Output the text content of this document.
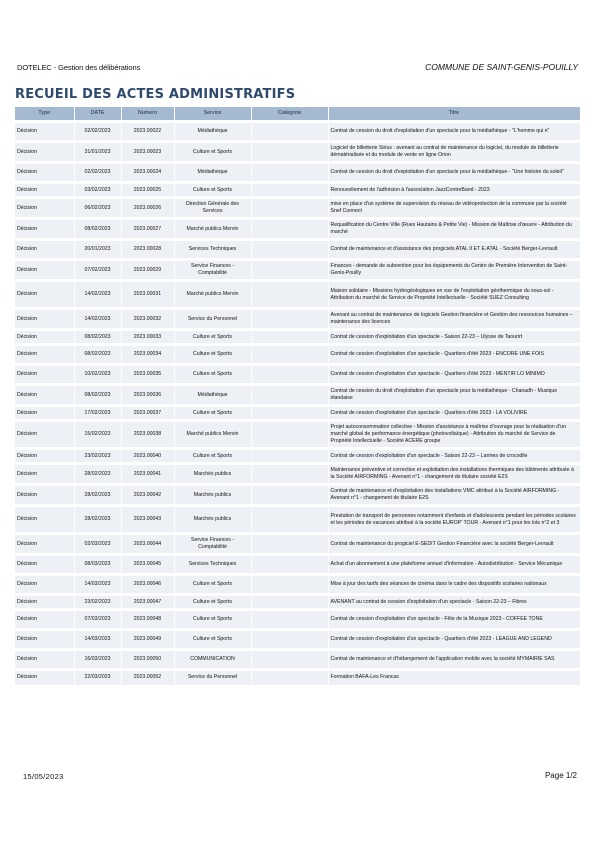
DOTELEC - Gestion des délibérations	COMMUNE DE SAINT-GENIS-POUILLY
RECUEIL DES ACTES ADMINISTRATIFS
Type	DATE	Numero	Service	Catégorie	Titre
Décision	02/02/2023	2023.00022	Médiathèque		Contrat de cession du droit d'exploitation d'un spectacle pour la médiathèque - "L'homme qui n"
Décision	31/01/2023	2023.00023	Culture et Sports		Logiciel de billetterie Sirius : avenant au contrat de maintenance du logiciel, du module de billetterie dématérialisée et du module de vente en ligne Orion
Décision	02/02/2023	2023.00024	Médiathèque		Contrat de cession du droit d'exploitation d'un spectacle pour la médiathèque - "Une histoire du soleil"
Décision	03/02/2023	2023.00025	Culture et Sports		Renouvellement de l'adhésion à l'association JazzContreBand - 2023
Décision	06/02/2023	2023.00026	Direction Générale des Services		mise en place d'un système de supervision du réseau de vidéoprotection de la commune par la société Snef Connect
Décision	08/02/2023	2023.00027	Marché publics Mervin		Requalification du Centre Ville (Rues Hautains & Petite Vie) - Mission de Maîtrise d'œuvre - Attribution du marché
Décision	20/01/2023	2023.00028	Services Techniques		Contrat de maintenance et d'assistance des progiciels ATAL II ET E.ATAL - Société Berger-Levrault
Décision	07/02/2023	2023.00029	Service Finances - Comptabilité		Finances - demande de subvention pour les équipements du Centre de Première Intervention de Saint-Genis-Pouilly
Décision	14/02/2023	2023.00031	Marché publics Mervin		Maison solidaire - Missions hydrogéologiques en vue de l'exploitation géothermique du sous-sol - Attribution du marché de Service de Propriété Intellectuelle - Société SUEZ Consulting
Décision	14/02/2023	2023.00032	Service du Personnel		Avenant au contrat de maintenance de logiciels Gestion financière et Gestion des ressources humaines – maintenance des licences
Décision	08/02/2023	2023.00033	Culture et Sports		Contrat de cession d'exploitation d'un spectacle - Saison 22-23 – Ulysse de Taourirt
Décision	08/02/2023	2023.00034	Culture et Sports		Contrat de cession d'exploitation d'un spectacle - Quartiers d'été 2023 - ENCORE UNE FOIS
Décision	10/02/2023	2023.00035	Culture et Sports		Contrat de cession d'exploitation d'un spectacle - Quartiers d'été 2023 - MENTIR LO MINIMO
Décision	08/02/2023	2023.00036	Médiathèque		Contrat de cession du droit d'exploitation d'un spectacle pour la médiathèque - Chanadh - Musique irlandaise
Décision	17/02/2023	2023.00037	Culture et Sports		Contrat de cession d'exploitation d'un spectacle - Quartiers d'été 2023 - LA VOLIVIRE
Décision	15/02/2023	2023.00038	Marché publics Mervin		Projet autoconsommation collective - Mission d'assistance à maîtrise d'ouvrage pour la réalisation d'un marché global de performance énergétique (photovoltaïque) - Attribution du marché de Service de Propriété Intellectuelle - Société ACERE groupe
Décision	23/02/2023	2023.00040	Culture et Sports		Contrat de cession d'exploitation d'un spectacle - Saison 22-23 – Larmes de crocodile
Décision	28/02/2023	2023.00041	Marchés publics		Maintenance préventive et corrective et exploitation des installations thermiques des bâtiments attribuée à la Société AIRFORMING - Avenant n°1 - changement de titulaire société E2S
Décision	28/02/2023	2023.00042	Marchés publics		Contrat de maintenance et d'exploitation des installations VMC attribué à la Société AIRFORMING - Avenant n°1 - changement de titulaire E2S
Décision	28/02/2023	2023.00043	Marchés publics		Prestation de transport de personnes notamment d'enfants et d'adolescents pendant les périodes scolaires et les périodes de vacances attribué à la société EUROP' TOUR - Avenant n°1 pour les lots n°2 et 3
Décision	02/03/2023	2023.00044	Service Finances - Comptabilité		Contrat de maintenance du progiciel E-SEDIT Gestion Financière avec la société Berger-Levrault
Décision	08/03/2023	2023.00045	Services Techniques		Achat d'un abonnement à une plateforme annuel d'information - Autodistribution - Service Mécanique
Décision	14/03/2023	2023.00046	Culture et Sports		Mise à jour des tarifs des séances de cinéma dans le cadre des dispositifs scolaires nationaux
Décision	23/02/2023	2023.00047	Culture et Sports		AVENANT au contrat de cession d'exploitation d'un spectacle - Saison 22-23 – Fibres
Décision	07/03/2023	2023.00048	Culture et Sports		Contrat de cession d'exploitation d'un spectacle - Fête de la Musique 2023 - COFFEE TONE
Décision	14/03/2023	2023.00049	Culture et Sports		Contrat de cession d'exploitation d'un spectacle - Quartiers d'été 2023 - LEAGUE AND LEGEND
Décision	16/03/2023	2023.00050	COMMUNICATION		Contrat de maintenance et d'hébergement de l'application mobile avec la société MYMAIRIE SAS
Décision	22/03/2023	2023.00052	Service du Personnel		Formation BAFA-Les Francas
15/05/2023	Page 1/2
